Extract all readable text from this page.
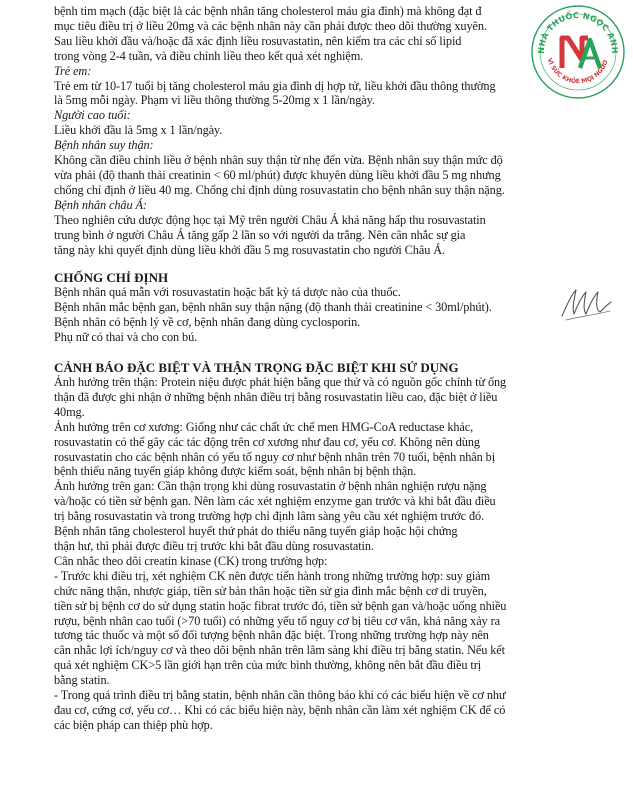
bệnh tim mạch (đặc biệt là các bệnh nhân tăng cholesterol máu gia đình) mà không đạt đ

mục tiêu điều trị ở liều 20mg và các bệnh nhân này cần phải được theo dõi thường xuyên.

Sau liều khởi đầu và/hoặc đã xác định liều rosuvastatin, nên kiểm tra các chỉ số lipid

trong vòng 2-4 tuần, và điều chỉnh liều theo kết quả xét nghiệm.

Trẻ em:

Trẻ em từ 10-17 tuổi bị tăng cholesterol máu gia đình dị hợp tử, liều khởi đầu thông thường

là 5mg mỗi ngày. Phạm vi liều thông thường 5-20mg x 1 lần/ngày.

Người cao tuổi:

Liều khởi đầu là 5mg x 1 lần/ngày.

Bệnh nhân suy thận:

Không cần điều chỉnh liều ở bệnh nhân suy thận từ nhẹ đến vừa. Bệnh nhân suy thận mức độ

vừa phải (độ thanh thải creatinin < 60 ml/phút) được khuyên dùng liều khởi đầu 5 mg nhưng

chống chỉ định ở liều 40 mg. Chống chỉ định dùng rosuvastatin cho bệnh nhân suy thận nặng.

Bệnh nhân châu Á:

Theo nghiên cứu dược động học tại Mỹ trên người Châu Á khả năng hấp thu rosuvastatin

trung bình ở người Châu Á tăng gấp 2 lần so với người da trắng. Nên cân nhắc sự gia

tăng này khi quyết định dùng liều khởi đầu 5 mg rosuvastatin cho người Châu Á.

CHỐNG CHỈ ĐỊNH

Bệnh nhân quá mẫn với rosuvastatin hoặc bất kỳ tá dược nào của thuốc.

Bệnh nhân mắc bệnh gan, bệnh nhân suy thận nặng (độ thanh thải creatinine < 30ml/phút).

Bệnh nhân có bệnh lý về cơ, bệnh nhân đang dùng cyclosporin.

Phụ nữ có thai và cho con bú.

CẢNH BÁO ĐẶC BIỆT VÀ THẬN TRỌNG ĐẶC BIỆT KHI SỬ DỤNG

Ảnh hưởng trên thận: Protein niệu được phát hiện bằng que thử và có nguồn gốc chính từ ống

thận đã được ghi nhận ở những bệnh nhân điều trị bằng rosuvastatin liều cao, đặc biệt ở liều

40mg.

Ảnh hưởng trên cơ xương: Giống như các chất ức chế men HMG-CoA reductase khác,

rosuvastatin có thể gây các tác động trên cơ xương như đau cơ, yếu cơ. Không nên dùng

rosuvastatin cho các bệnh nhân có yếu tố nguy cơ như bệnh nhân trên 70 tuổi, bệnh nhân bị

bệnh thiểu năng tuyến giáp không được kiểm soát, bệnh nhân bị bệnh thận.

Ảnh hưởng trên gan: Cần thận trọng khi dùng rosuvastatin ở bệnh nhân nghiện rượu nặng

và/hoặc có tiền sử bệnh gan. Nên làm các xét nghiệm enzyme gan trước và khi bắt đầu điều

trị bằng rosuvastatin và trong trường hợp chỉ định lâm sàng yêu cầu xét nghiệm trước đó.

Bệnh nhân tăng cholesterol huyết thứ phát do thiểu năng tuyến giáp hoặc hội chứng

thận hư, thì phải được điều trị trước khi bắt đầu dùng rosuvastatin.

Cân nhắc theo dõi creatin kinase (CK) trong trường hợp:

- Trước khi điều trị, xét nghiệm CK nên được tiến hành trong những trường hợp: suy giảm

chức năng thận, nhược giáp, tiền sử bản thân hoặc tiền sử gia đình mắc bệnh cơ di truyền,

tiền sử bị bệnh cơ do sử dụng statin hoặc fibrat trước đó, tiền sử bệnh gan và/hoặc uống nhiều

rượu, bệnh nhân cao tuổi (>70 tuổi) có những yếu tố nguy cơ bị tiêu cơ vân, khả năng xảy ra

tương tác thuốc và một số đối tượng bệnh nhân đặc biệt. Trong những trường hợp này nên

cân nhắc lợi ích/nguy cơ và theo dõi bệnh nhân trên lâm sàng khi điều trị bằng statin. Nếu kết

quả xét nghiệm CK>5 lần giới hạn trên của mức bình thường, không nên bắt đầu điều trị

bằng statin.

- Trong quá trình điều trị bằng statin, bệnh nhân cần thông báo khi có các biểu hiện về cơ như

đau cơ, cứng cơ, yếu cơ… Khi có các biểu hiện này, bệnh nhân cần làm xét nghiệm CK để có

các biện pháp can thiệp phù hợp.

NHÀ THUỐC NGỌC ANH
VÌ SỨC KHỎE MỌI NGƯỜ
